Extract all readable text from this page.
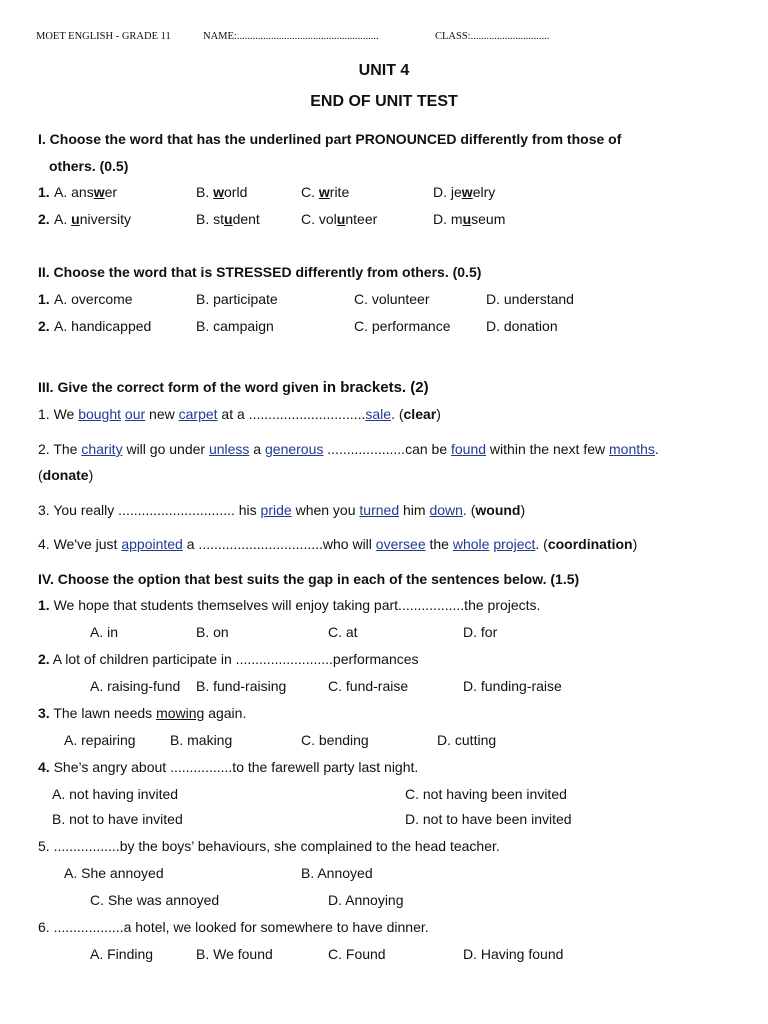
MOET ENGLISH - GRADE 11	NAME:......................................................	CLASS:..............................
UNIT 4
END OF UNIT TEST
I. Choose the word that has the underlined part PRONOUNCED differently from those of
others. (0.5)
1. A. answer	B. world	C. write	D. jewelry
2. A. university	B. student	C. volunteer	D. museum
II. Choose the word that is STRESSED differently from others. (0.5)
1. A. overcome	B. participate	C. volunteer	D. understand
2. A. handicapped	B. campaign	C. performance	D. donation
III. Give the correct form of the word given in brackets. (2)
1. We bought our new carpet at a ..............................sale. (clear)
2. The charity will go under unless a generous ....................can be found within the next few months.
(donate)
3. You really .............................. his pride when you turned him down. (wound)
4. We've just appointed a ................................who will oversee the whole project. (coordination)
IV. Choose the option that best suits the gap in each of the sentences below. (1.5)
1. We hope that students themselves will enjoy taking part.................the projects.
A. in	B. on	C. at	D. for
2. A lot of children participate in .........................performances
A. raising-fund B. fund-raising	C. fund-raise	D. funding-raise
3. The lawn needs mowing again.
A. repairing B. making	C. bending	D. cutting
4. She’s angry about ................to the farewell party last night.
A. not having invited	C. not having been invited
B. not to have invited	D. not to have been invited
5. .................by the boys’ behaviours, she complained to the head teacher.
A. She annoyed	B. Annoyed
C. She was annoyed	D. Annoying
6. ..................a hotel, we looked for somewhere to have dinner.
A. Finding	B. We found	C. Found	D. Having found
